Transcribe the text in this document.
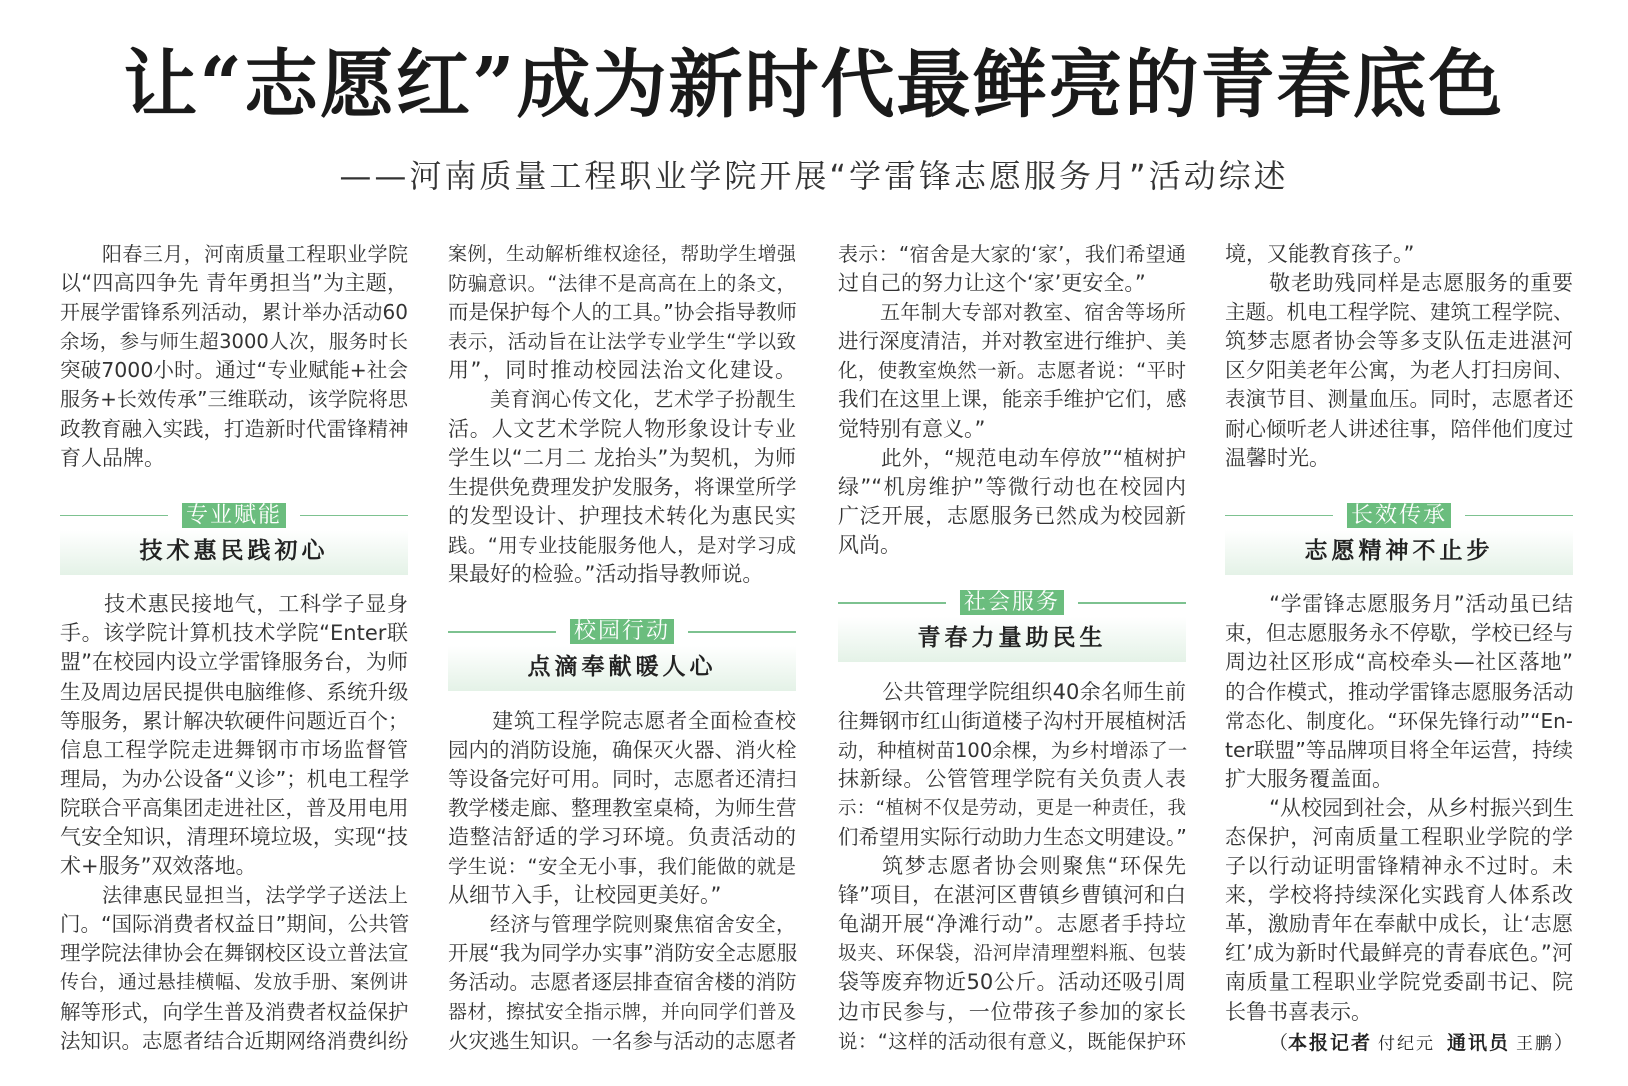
让“志愿红”成为新时代最鲜亮的青春底色
——河南质量工程职业学院开展“学雷锋志愿服务月”活动综述
阳春三月，河南质量工程职业学院
以“四高四争先 青年勇担当”为主题，
开展学雷锋系列活动，累计举办活动60
余场，参与师生超3000人次，服务时长
突破7000小时。通过“专业赋能+社会
服务+长效传承”三维联动，该学院将思
政教育融入实践，打造新时代雷锋精神
育人品牌。
专业赋能
技术惠民践初心
技术惠民接地气，工科学子显身
手。该学院计算机技术学院“Enter联
盟”在校园内设立学雷锋服务台，为师
生及周边居民提供电脑维修、系统升级
等服务，累计解决软硬件问题近百个；
信息工程学院走进舞钢市市场监督管
理局，为办公设备“义诊”；机电工程学
院联合平高集团走进社区，普及用电用
气安全知识，清理环境垃圾，实现“技
术+服务”双效落地。
法律惠民显担当，法学学子送法上
门。“国际消费者权益日”期间，公共管
理学院法律协会在舞钢校区设立普法宣
传台，通过悬挂横幅、发放手册、案例讲
解等形式，向学生普及消费者权益保护
法知识。志愿者结合近期网络消费纠纷
案例，生动解析维权途径，帮助学生增强
防骗意识。“法律不是高高在上的条文，
而是保护每个人的工具。”协会指导教师
表示，活动旨在让法学专业学生“学以致
用”，同时推动校园法治文化建设。
美育润心传文化，艺术学子扮靓生
活。人文艺术学院人物形象设计专业
学生以“二月二 龙抬头”为契机，为师
生提供免费理发护发服务，将课堂所学
的发型设计、护理技术转化为惠民实
践。“用专业技能服务他人，是对学习成
果最好的检验。”活动指导教师说。
校园行动
点滴奉献暖人心
建筑工程学院志愿者全面检查校
园内的消防设施，确保灭火器、消火栓
等设备完好可用。同时，志愿者还清扫
教学楼走廊、整理教室桌椅，为师生营
造整洁舒适的学习环境。负责活动的
学生说：“安全无小事，我们能做的就是
从细节入手，让校园更美好。”
经济与管理学院则聚焦宿舍安全，
开展“我为同学办实事”消防安全志愿服
务活动。志愿者逐层排查宿舍楼的消防
器材，擦拭安全指示牌，并向同学们普及
火灾逃生知识。一名参与活动的志愿者
表示：“宿舍是大家的‘家’，我们希望通
过自己的努力让这个‘家’更安全。”
五年制大专部对教室、宿舍等场所
进行深度清洁，并对教室进行维护、美
化，使教室焕然一新。志愿者说：“平时
我们在这里上课，能亲手维护它们，感
觉特别有意义。”
此外，“规范电动车停放”“植树护
绿”“机房维护”等微行动也在校园内
广泛开展，志愿服务已然成为校园新
风尚。
社会服务
青春力量助民生
公共管理学院组织40余名师生前
往舞钢市红山街道楼子沟村开展植树活
动，种植树苗100余棵，为乡村增添了一
抹新绿。公管管理学院有关负责人表
示：“植树不仅是劳动，更是一种责任，我
们希望用实际行动助力生态文明建设。”
筑梦志愿者协会则聚焦“环保先
锋”项目，在湛河区曹镇乡曹镇河和白
龟湖开展“净滩行动”。志愿者手持垃
圾夹、环保袋，沿河岸清理塑料瓶、包装
袋等废弃物近50公斤。活动还吸引周
边市民参与，一位带孩子参加的家长
说：“这样的活动很有意义，既能保护环
境，又能教育孩子。”
敬老助残同样是志愿服务的重要
主题。机电工程学院、建筑工程学院、
筑梦志愿者协会等多支队伍走进湛河
区夕阳美老年公寓，为老人打扫房间、
表演节目、测量血压。同时，志愿者还
耐心倾听老人讲述往事，陪伴他们度过
温馨时光。
长效传承
志愿精神不止步
“学雷锋志愿服务月”活动虽已结
束，但志愿服务永不停歇，学校已经与
周边社区形成“高校牵头—社区落地”
的合作模式，推动学雷锋志愿服务活动
常态化、制度化。“环保先锋行动”“En-
ter联盟”等品牌项目将全年运营，持续
扩大服务覆盖面。
“从校园到社会，从乡村振兴到生
态保护，河南质量工程职业学院的学
子以行动证明雷锋精神永不过时。未
来，学校将持续深化实践育人体系改
革，激励青年在奉献中成长，让‘志愿
红’成为新时代最鲜亮的青春底色。”河
南质量工程职业学院党委副书记、院
长鲁书喜表示。
（本报记者 付纪元 通讯员 王鹏）
